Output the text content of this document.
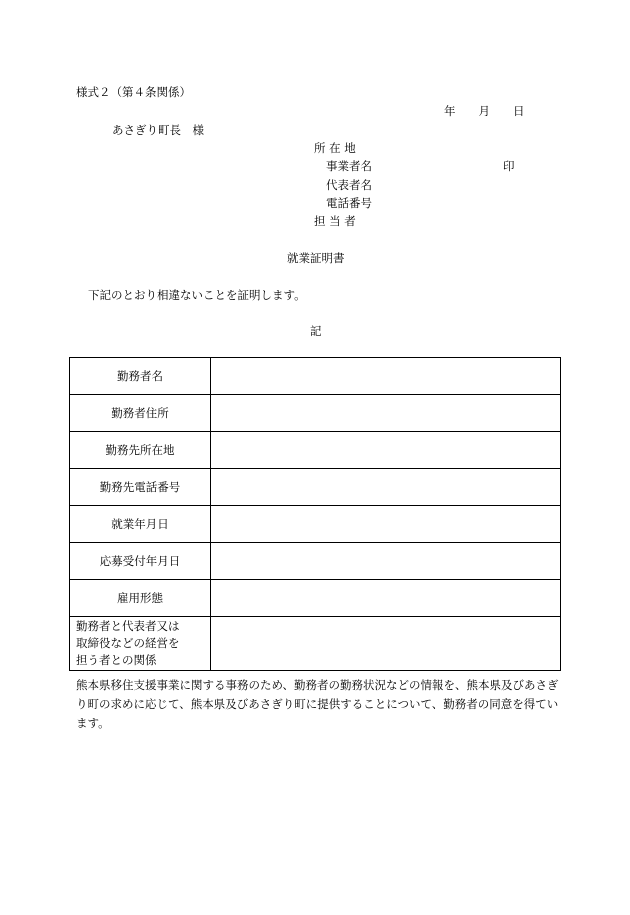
様式２（第４条関係）
年　　月　　日
あさぎり町長　様
所 在 地
事業者名	印
代表者名
電話番号
担 当 者
就業証明書
下記のとおり相違ないことを証明します。
記
勤務者名	
勤務者住所	
勤務先所在地	
勤務先電話番号	
就業年月日	
応募受付年月日	
雇用形態	

勤務者と代表者又は
取締役などの経営を
担う者との関係	

熊本県移住支援事業に関する事務のため、勤務者の勤務状況などの情報を、熊本県及びあさぎり町の求めに応じて、熊本県及びあさぎり町に提供することについて、勤務者の同意を得ています。
